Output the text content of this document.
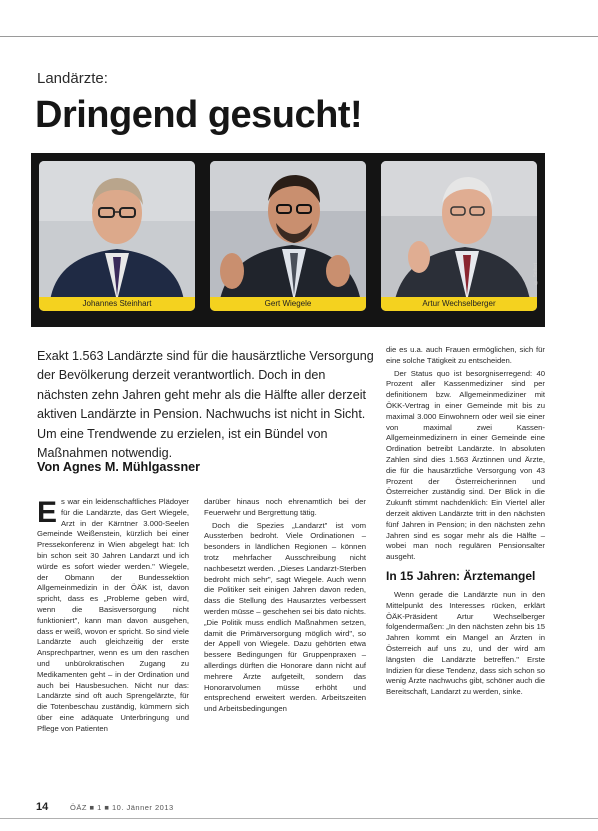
Landärzte:
Dringend gesucht!
Johannes Steinhart	Gert Wiegele	Artur Wechselberger
© Seifert
Exakt 1.563 Landärzte sind für die hausärztliche Versorgung der Bevölkerung derzeit verantwortlich. Doch in den nächsten zehn Jahren geht mehr als die Hälfte aller derzeit aktiven Landärzte in Pension. Nachwuchs ist nicht in Sicht. Um eine Trendwende zu erzielen, ist ein Bündel von Maßnahmen notwendig.
Von Agnes M. Mühlgassner

Es war ein leidenschaftliches Plädoyer für die Landärzte, das Gert Wiegele, Arzt in der Kärntner 3.000-Seelen Gemeinde Weißenstein, kürzlich bei einer Pressekonferenz in Wien abgelegt hat: Ich bin schon seit 30 Jahren Landarzt und ich würde es sofort wieder werden." Wiegele, der Obmann der Bundessektion Allgemeinmedizin in der ÖÄK ist, davon spricht, dass es „Probleme geben wird, wenn die Basisversorgung nicht funktioniert", kann man davon ausgehen, dass er weiß, wovon er spricht. So sind viele Landärzte auch gleichzeitig der erste Ansprechpartner, wenn es um den raschen und unbürokratischen Zugang zu Medikamenten geht – in der Ordination und auch bei Hausbesuchen. Nicht nur das: Landärzte sind oft auch Sprengelärzte, für die Totenbeschau zuständig, kümmern sich über eine adäquate Unterbringung und Pflege von Patienten

darüber hinaus noch ehrenamtlich bei der Feuerwehr und Bergrettung tätig.

Doch die Spezies „Landarzt" ist vom Aussterben bedroht. Viele Ordinationen – besonders in ländlichen Regionen – können trotz mehrfacher Ausschreibung nicht nachbesetzt werden. „Dieses Landarzt-Sterben bedroht mich sehr", sagt Wiegele. Auch wenn die Politiker seit einigen Jahren davon reden, dass die Stellung des Hausarztes verbessert werden müsse – geschehen sei bis dato nichts. „Die Politik muss endlich Maßnahmen setzen, damit die Primärversorgung möglich wird", so der Appell von Wiegele. Dazu gehörten etwa bessere Bedingungen für Gruppenpraxen – allerdings dürften die Honorare dann nicht auf mehrere Ärzte aufgeteilt, sondern das Honorarvolumen müsse erhöht und entsprechend erweitert werden. Arbeitszeiten und Arbeitsbedingungen

die es u.a. auch Frauen ermöglichen, sich für eine solche Tätigkeit zu entscheiden.

Der Status quo ist besorgniserregend: 40 Prozent aller Kassenmediziner sind per definitionem bzw. Allgemeinmediziner mit ÖKK-Vertrag in einer Gemeinde mit bis zu maximal 3.000 Einwohnern oder weil sie einer von maximal zwei Kassen-Allgemeinmedizinern in einer Gemeinde eine Ordination betreibt Landärzte. In absoluten Zahlen sind dies 1.563 Ärztinnen und Ärzte, die für die hausärztliche Versorgung von 43 Prozent der Österreicherinnen und Österreicher zuständig sind. Der Blick in die Zukunft stimmt nachdenklich: Ein Viertel aller derzeit aktiven Landärzte tritt in den nächsten fünf Jahren in Pension; in den nächsten zehn Jahren sind es sogar mehr als die Hälfte – wobei man noch regulären Pensionsalter ausgeht.

In 15 Jahren: Ärztemangel

Wenn gerade die Landärzte nun in den Mittelpunkt des Interesses rücken, erklärt ÖÄK-Präsident Artur Wechselberger folgendermaßen: „In den nächsten zehn bis 15 Jahren kommt ein Mangel an Ärzten in Österreich auf uns zu, und der wird am längsten die Landärzte betreffen." Erste Indizien für diese Tendenz, dass sich schon so wenig Ärzte nachwuchs gibt, schöner auch die Bereitschaft, Landarzt zu werden, sinke.

14	ÖÄZ ■ 1 ■ 10. Jänner 2013
